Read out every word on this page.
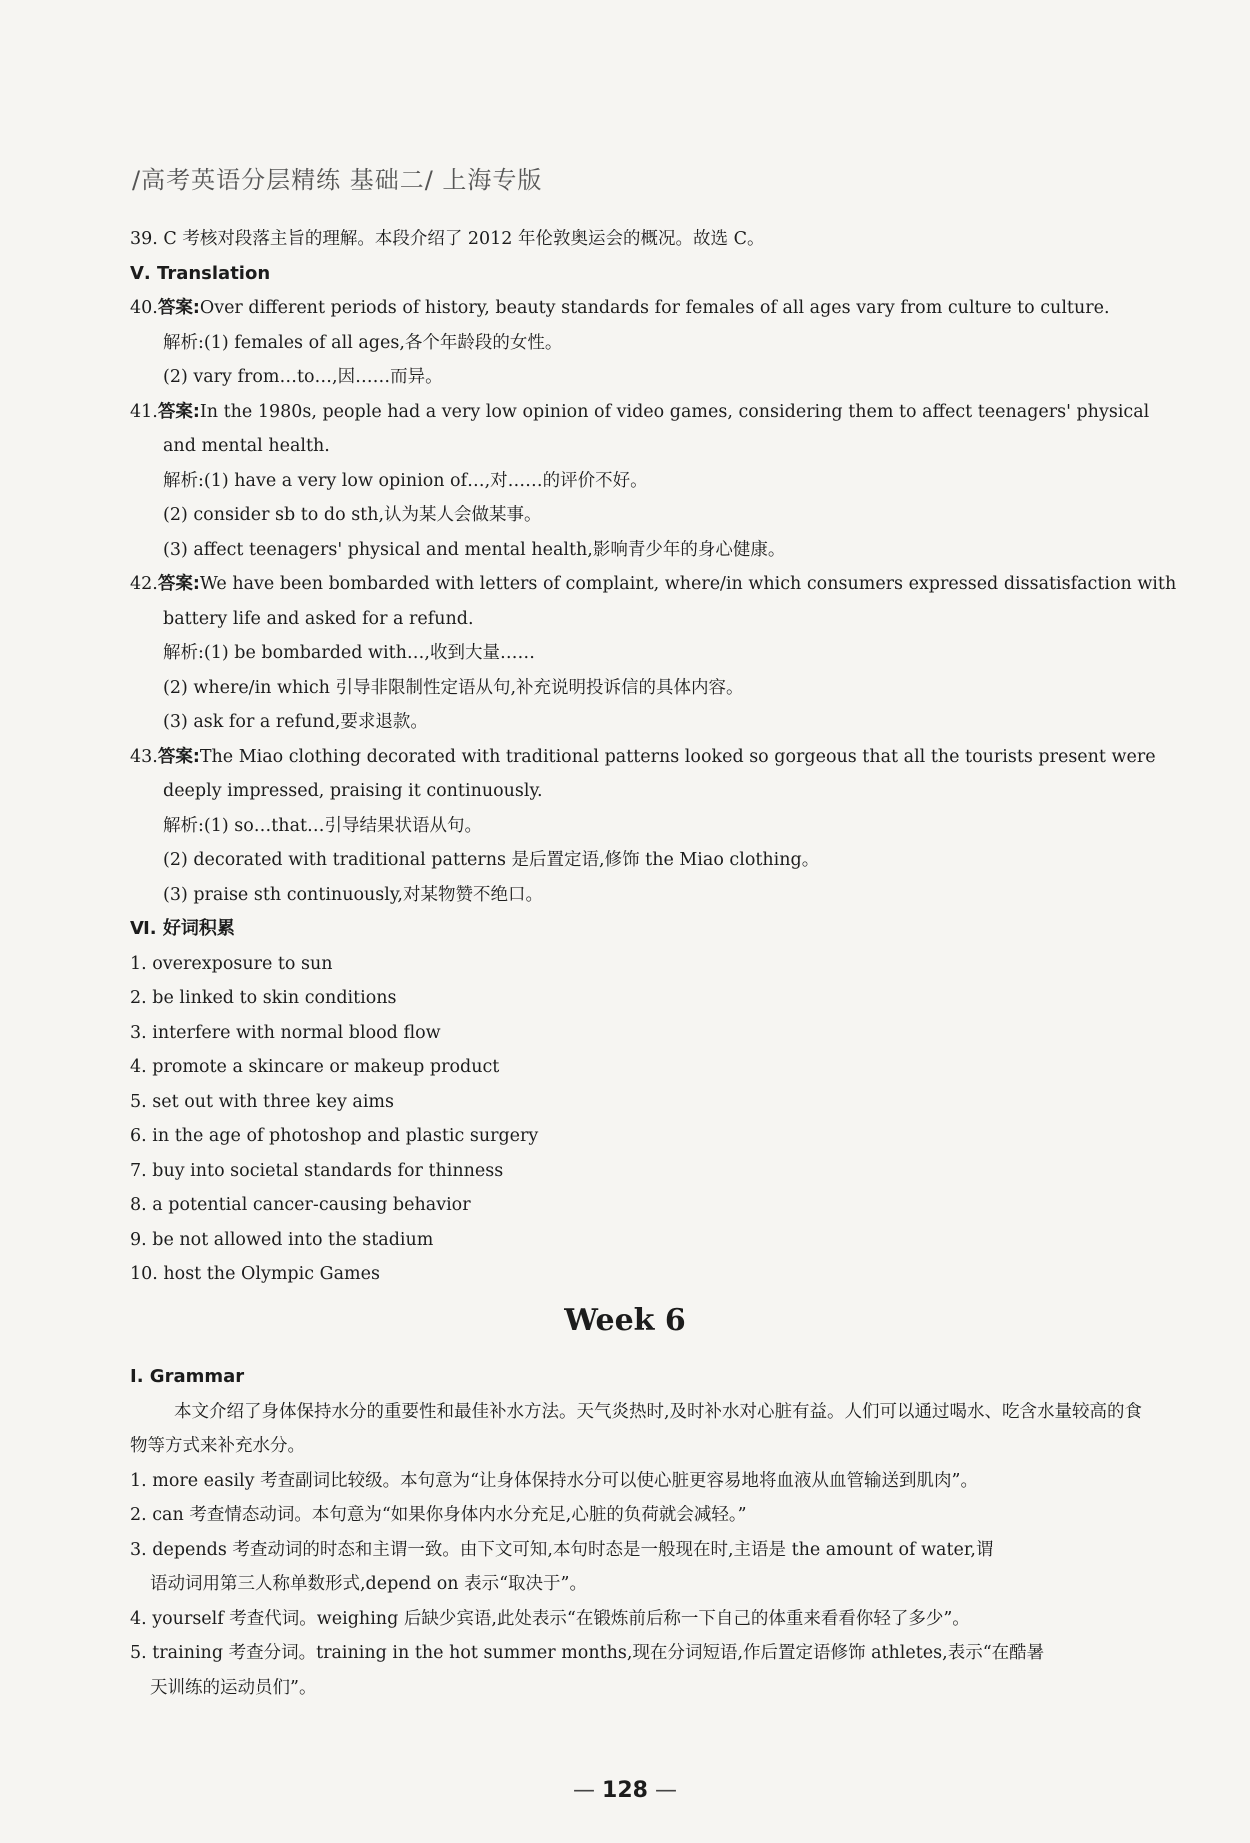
/高考英语分层精练 基础二/ 上海专版
39. C 考核对段落主旨的理解。本段介绍了 2012 年伦敦奥运会的概况。故选 C。
Ⅴ. Translation
40.答案:Over different periods of history, beauty standards for females of all ages vary from culture to culture.
解析:(1) females of all ages,各个年龄段的女性。
(2) vary from…to…,因……而异。
41.答案:In the 1980s, people had a very low opinion of video games, considering them to affect teenagers' physical
and mental health.
解析:(1) have a very low opinion of…,对……的评价不好。
(2) consider sb to do sth,认为某人会做某事。
(3) affect teenagers' physical and mental health,影响青少年的身心健康。
42.答案:We have been bombarded with letters of complaint, where/in which consumers expressed dissatisfaction with
battery life and asked for a refund.
解析:(1) be bombarded with…,收到大量……
(2) where/in which 引导非限制性定语从句,补充说明投诉信的具体内容。
(3) ask for a refund,要求退款。
43.答案:The Miao clothing decorated with traditional patterns looked so gorgeous that all the tourists present were
deeply impressed, praising it continuously.
解析:(1) so…that…引导结果状语从句。
(2) decorated with traditional patterns 是后置定语,修饰 the Miao clothing。
(3) praise sth continuously,对某物赞不绝口。
Ⅵ. 好词积累
1. overexposure to sun
2. be linked to skin conditions
3. interfere with normal blood flow
4. promote a skincare or makeup product
5. set out with three key aims
6. in the age of photoshop and plastic surgery
7. buy into societal standards for thinness
8. a potential cancer-causing behavior
9. be not allowed into the stadium
10. host the Olympic Games
Week 6
Ⅰ. Grammar
本文介绍了身体保持水分的重要性和最佳补水方法。天气炎热时,及时补水对心脏有益。人们可以通过喝水、吃含水量较高的食物等方式来补充水分。
1. more easily 考查副词比较级。本句意为“让身体保持水分可以使心脏更容易地将血液从血管输送到肌肉”。
2. can 考查情态动词。本句意为“如果你身体内水分充足,心脏的负荷就会减轻。”
3. depends 考查动词的时态和主谓一致。由下文可知,本句时态是一般现在时,主语是 the amount of water,谓
语动词用第三人称单数形式,depend on 表示“取决于”。
4. yourself 考查代词。weighing 后缺少宾语,此处表示“在锻炼前后称一下自己的体重来看看你轻了多少”。
5. training 考查分词。training in the hot summer months,现在分词短语,作后置定语修饰 athletes,表示“在酷暑
天训练的运动员们”。
— 128 —
